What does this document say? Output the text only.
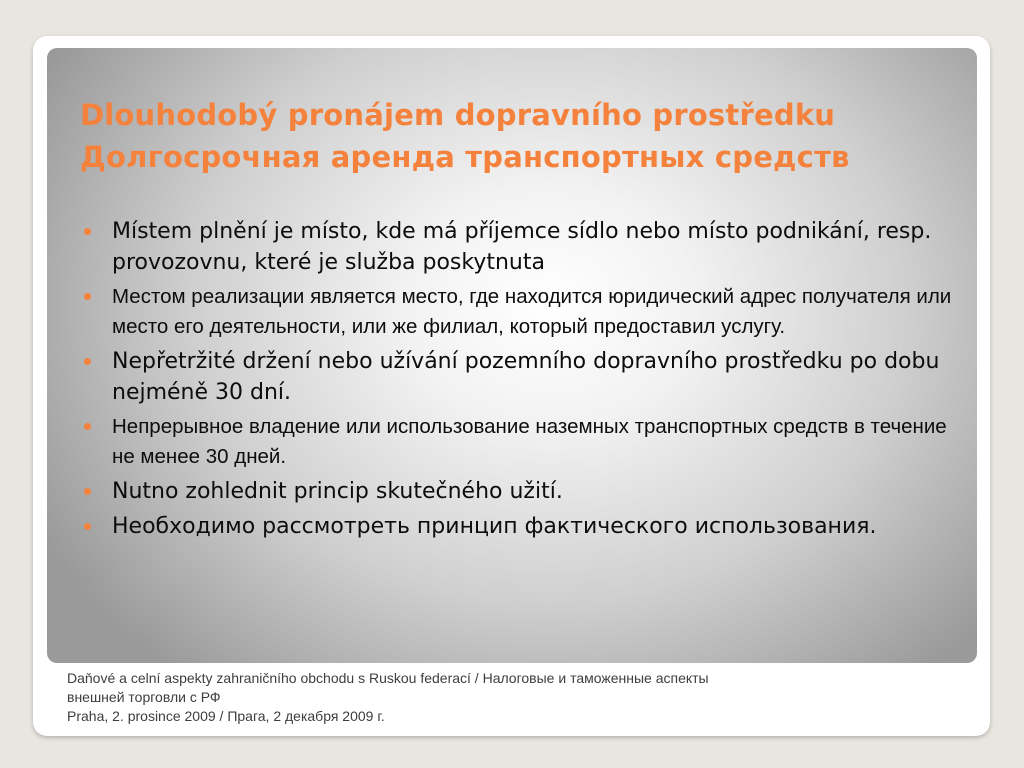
Dlouhodobý pronájem dopravního prostředku
Долгосрочная аренда транспортных средств
Místem plnění je místo, kde má příjemce sídlo nebo místo podnikání, resp. provozovnu, které je služba poskytnuta
Местом реализации является место, где находится юридический адрес получателя или место его деятельности, или же филиал, который предоставил услугу.
Nepřetržité držení nebo užívání pozemního dopravního prostředku po dobu nejméně 30 dní.
Непрерывное владение или использование наземных транспортных средств в течение не менее 30 дней.
Nutno zohlednit princip skutečného užití.
Необходимо рассмотреть принцип фактического использования.
Daňové a celní aspekty zahraničního obchodu s Ruskou federací / Налоговые и таможенные аспекты
внешней торговли с РФ
Praha, 2. prosince 2009 / Прага, 2 декабря 2009 г.
